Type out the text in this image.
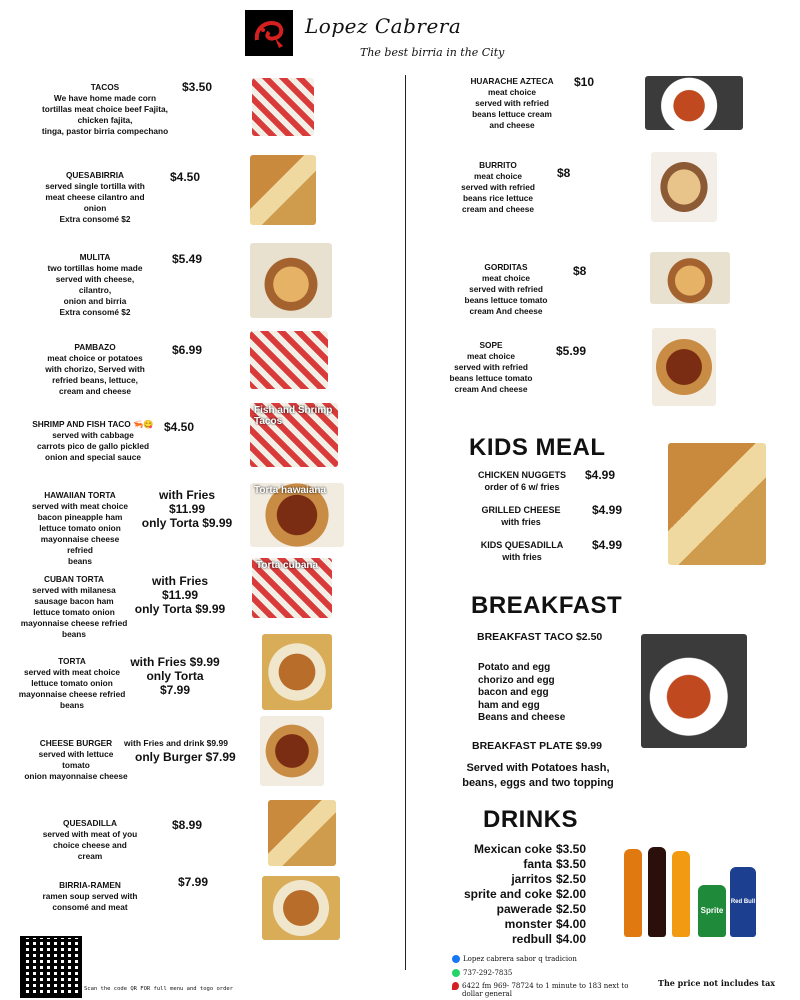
Lopez Cabrera
The best birria in the City
TACOS
We have home made corn
tortillas meat choice beef Fajita,
chicken fajita,
tinga, pastor birria compechano
$3.50
QUESABIRRIA
served single tortilla with
meat cheese cilantro and
onion
Extra consomé $2
$4.50
MULITA
two tortillas home made
served with cheese, cilantro,
onion and birria
Extra consomé $2
$5.49
PAMBAZO
meat choice or potatoes
with chorizo, Served with
refried beans, lettuce,
cream and cheese
$6.99
SHRIMP AND FISH TACO 🦐😋
served with cabbage
carrots pico de gallo pickled
onion and special sauce
$4.50
Fish and Shrimp Tacos
HAWAIIAN TORTA
served with meat choice
bacon pineapple ham
lettuce tomato onion
mayonnaise cheese refried
beans
with Fries $11.99
only Torta $9.99
Torta hawaiana
CUBAN TORTA
served with milanesa
sausage bacon ham
lettuce tomato onion
mayonnaise cheese refried
beans
with Fries $11.99
only Torta $9.99
Torta cubana
TORTA
served with meat choice
lettuce tomato onion
mayonnaise cheese refried
beans
with Fries $9.99
only Torta $7.99
CHEESE BURGER
served with lettuce tomato
onion mayonnaise cheese
with Fries and drink $9.99
only Burger $7.99
QUESADILLA
served with meat of you
choice cheese and cream
$8.99
BIRRIA-RAMEN
ramen soup served with
consomé and meat
$7.99
Scan the code QR FOR full menu and togo order
HUARACHE AZTECA
meat choice
served with refried
beans lettuce cream
and cheese
$10
BURRITO
meat choice
served with refried
beans rice lettuce
cream and cheese
$8
GORDITAS
meat choice
served with refried
beans lettuce tomato
cream And cheese
$8
SOPE
meat choice
served with refried
beans lettuce tomato
cream And cheese
$5.99
KIDS MEAL
CHICKEN NUGGETS
order of 6 w/ fries
$4.99
GRILLED CHEESE
with fries
$4.99
KIDS QUESADILLA
with fries
$4.99
BREAKFAST
BREAKFAST TACO $2.50
Potato and egg
chorizo and egg
bacon and egg
ham and egg
Beans and cheese
BREAKFAST PLATE $9.99
Served with Potatoes hash,
beans, eggs and two topping
DRINKS
Mexican coke $3.50
fanta $3.50
jarritos $2.50
sprite and coke $2.00
pawerade $2.50
monster $4.00
redbull $4.00
Sprite
Red Bull
Lopez cabrera sabor q tradicion
737-292-7835
6422 fm 969- 78724 to 1 minute to 183 next to dollar general
The price not includes tax
